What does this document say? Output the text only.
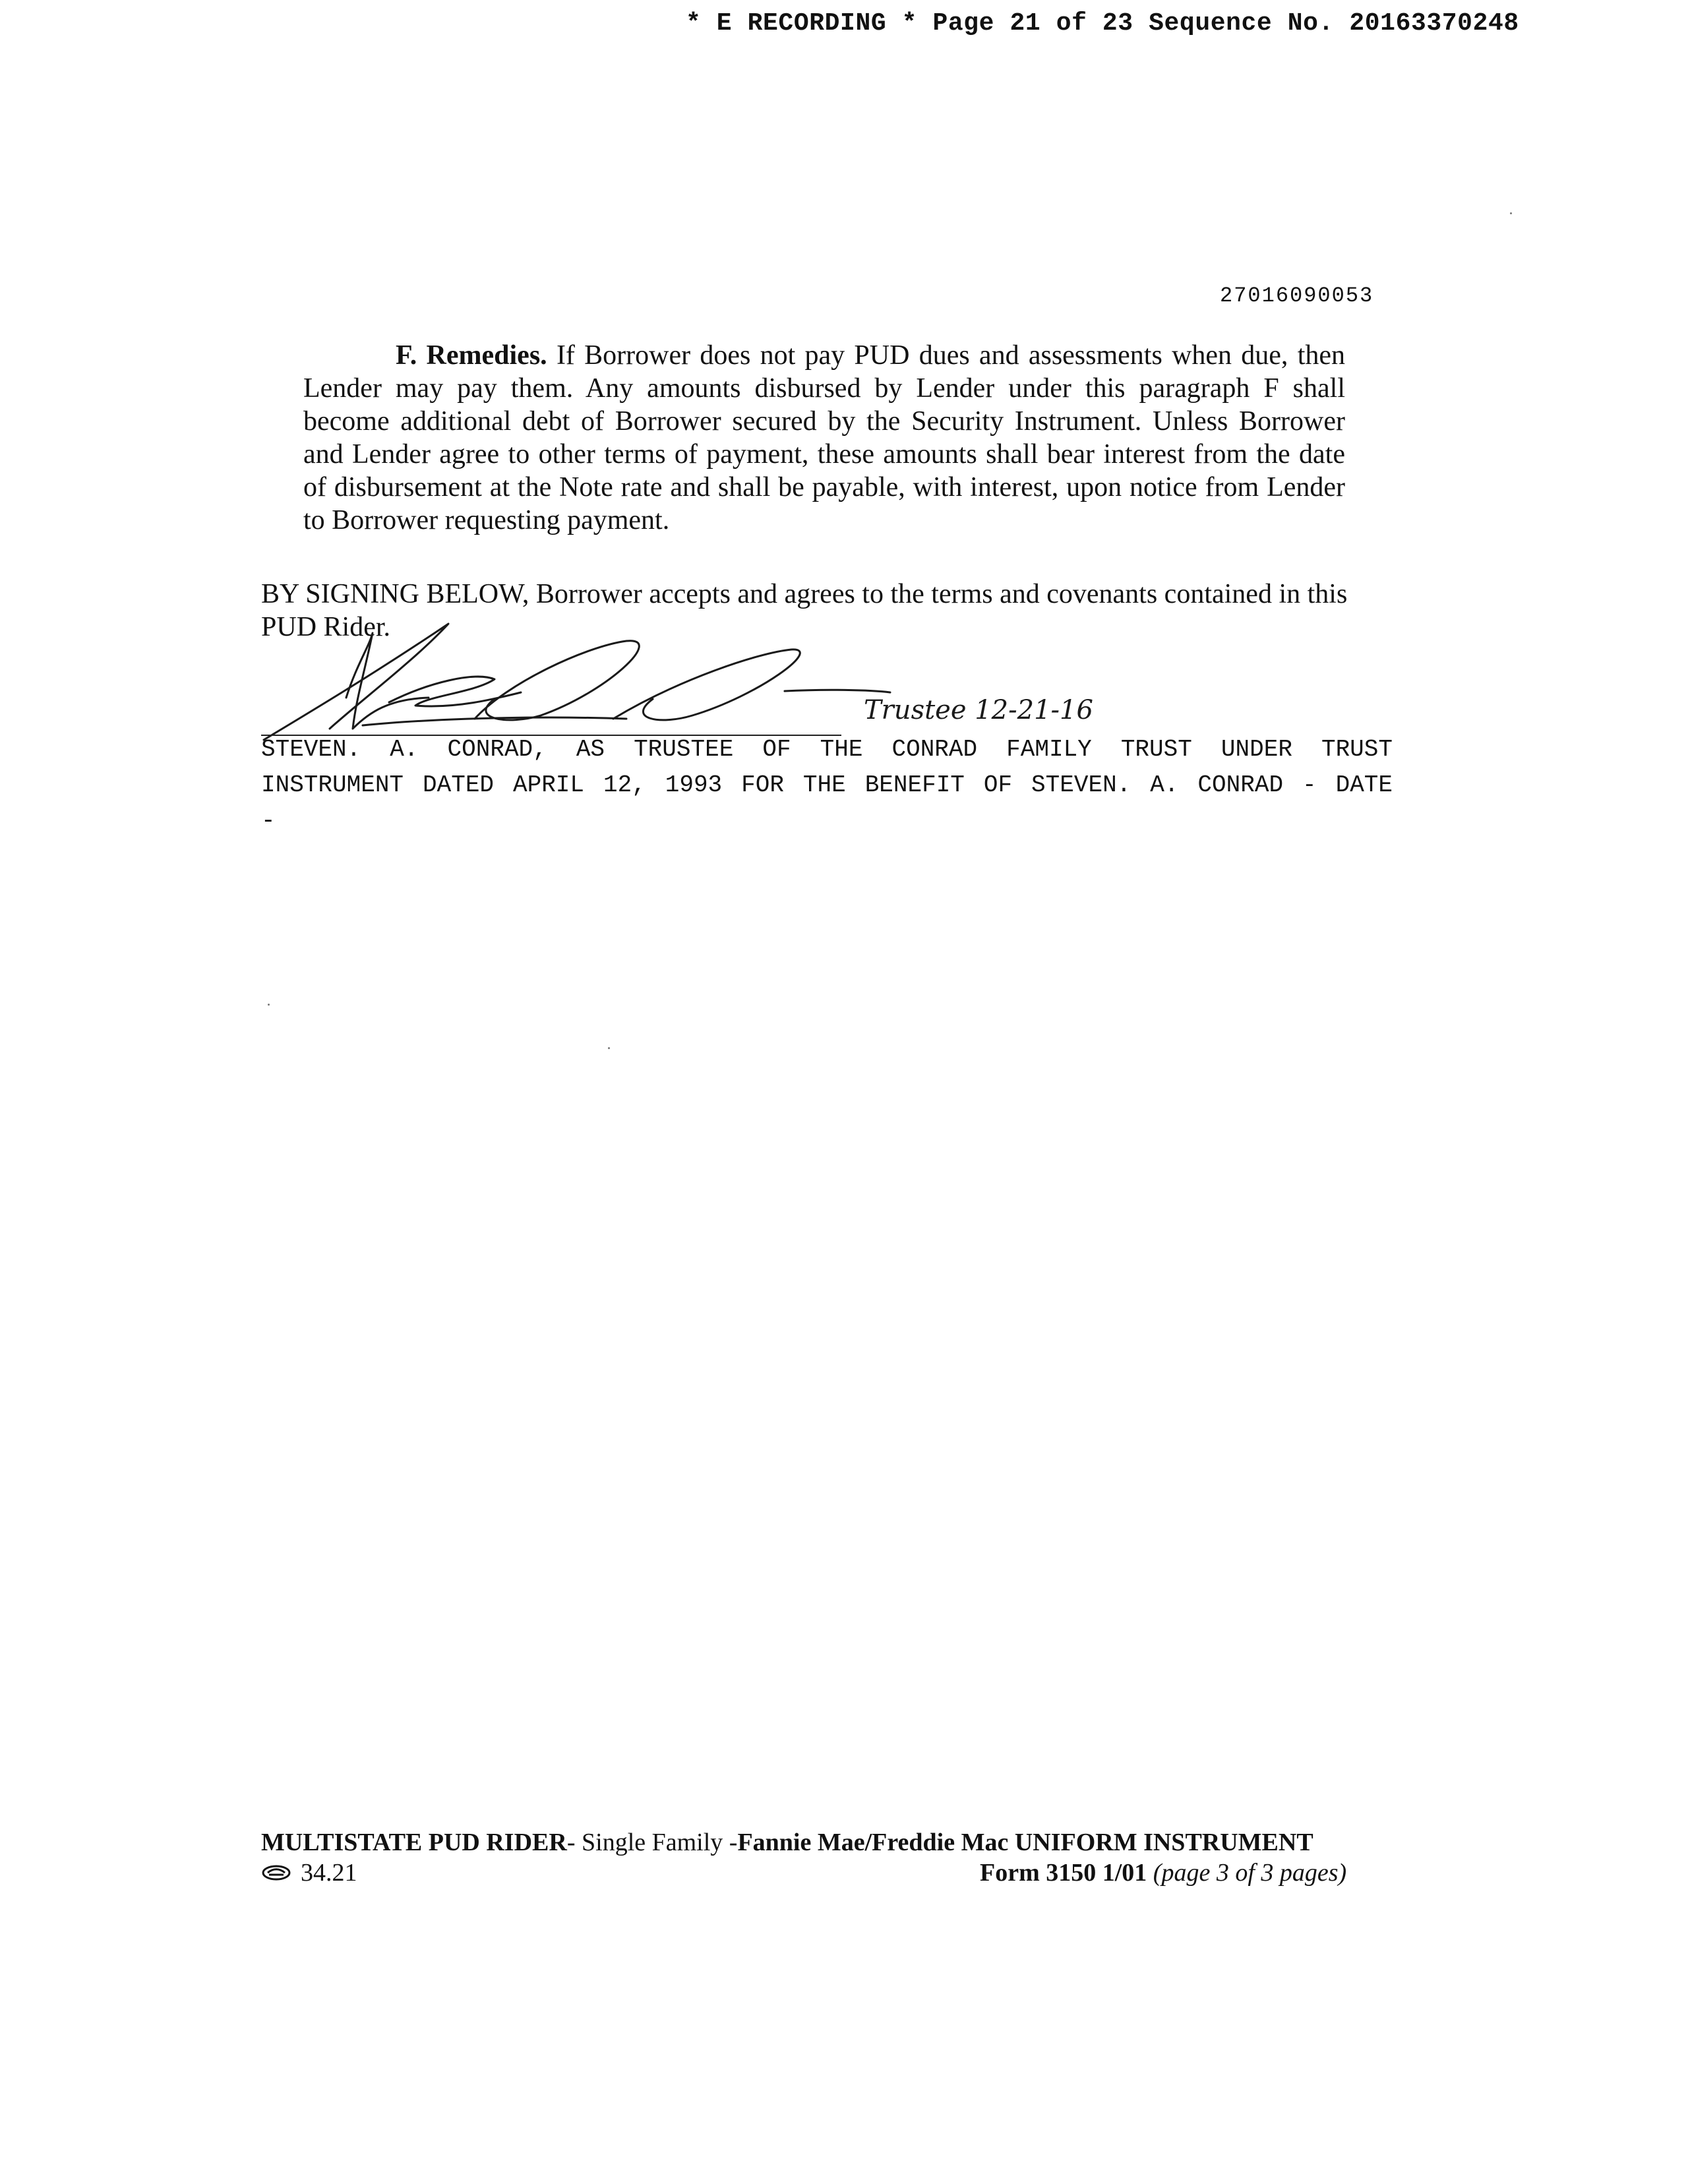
* E RECORDING * Page 21 of 23 Sequence No. 20163370248
27016090053
F. Remedies. If Borrower does not pay PUD dues and assessments when due, then Lender may pay them. Any amounts disbursed by Lender under this paragraph F shall become additional debt of Borrower secured by the Security Instrument. Unless Borrower and Lender agree to other terms of payment, these amounts shall bear interest from the date of disbursement at the Note rate and shall be payable, with interest, upon notice from Lender to Borrower requesting payment.
BY SIGNING BELOW, Borrower accepts and agrees to the terms and covenants contained in this PUD Rider.
Trustee 12-21-16
STEVEN. A. CONRAD, AS TRUSTEE OF THE CONRAD FAMILY TRUST UNDER TRUST INSTRUMENT DATED APRIL 12, 1993 FOR THE BENEFIT OF STEVEN. A. CONRAD - DATE -
MULTISTATE PUD RIDER- Single Family -Fannie Mae/Freddie Mac UNIFORM INSTRUMENT
34.21	Form 3150 1/01 (page 3 of 3 pages)
